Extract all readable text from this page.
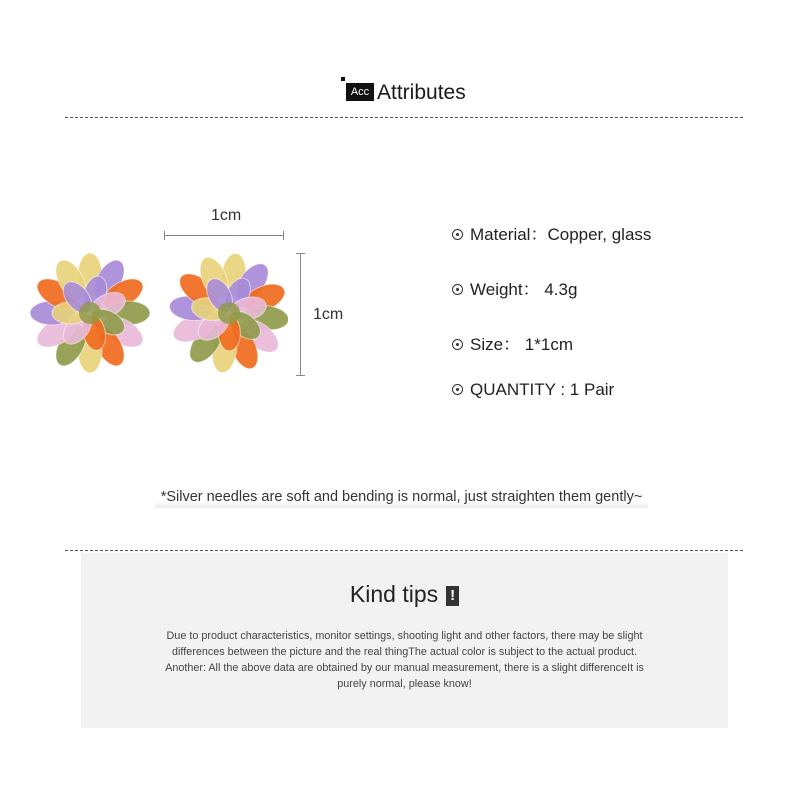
Acc Attributes
1cm
1cm
Material：Copper, glass
Weight： 4.3g
Size： 1*1cm
QUANTITY : 1 Pair
*Silver needles are soft and bending is normal, just straighten them gently~
Kind tips !

Due to product characteristics, monitor settings, shooting light and other factors, there may be slight

differences between the picture and the real thingThe actual color is subject to the actual product.

Another: All the above data are obtained by our manual measurement, there is a slight differenceIt is

purely normal, please know!
